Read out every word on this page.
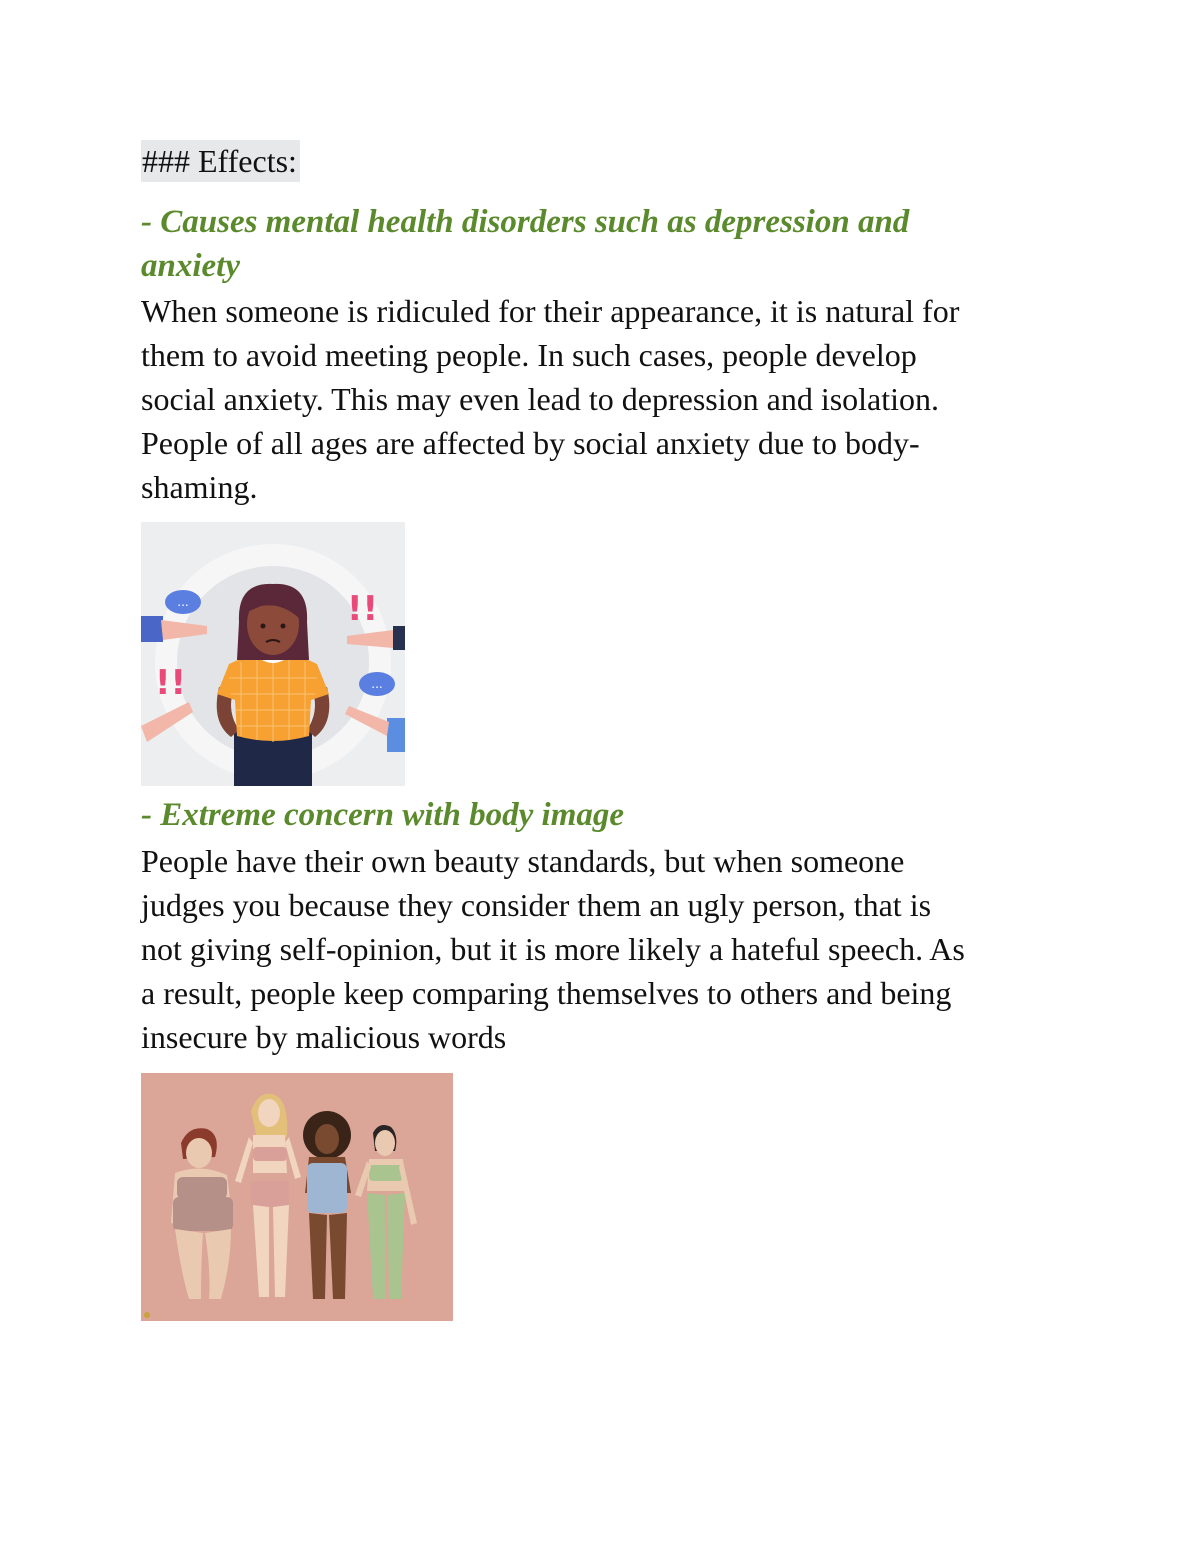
### Effects:
- Causes mental health disorders such as depression and
anxiety

When someone is ridiculed for their appearance, it is natural for
them to avoid meeting people. In such cases, people develop
social anxiety. This may even lead to depression and isolation.
People of all ages are affected by social anxiety due to body-
shaming.

...
...
!!
!!
- Extreme concern with body image

People have their own beauty standards, but when someone
judges you because they consider them an ugly person, that is
not giving self-opinion, but it is more likely a hateful speech. As
a result, people keep comparing themselves to others and being
insecure by malicious words
